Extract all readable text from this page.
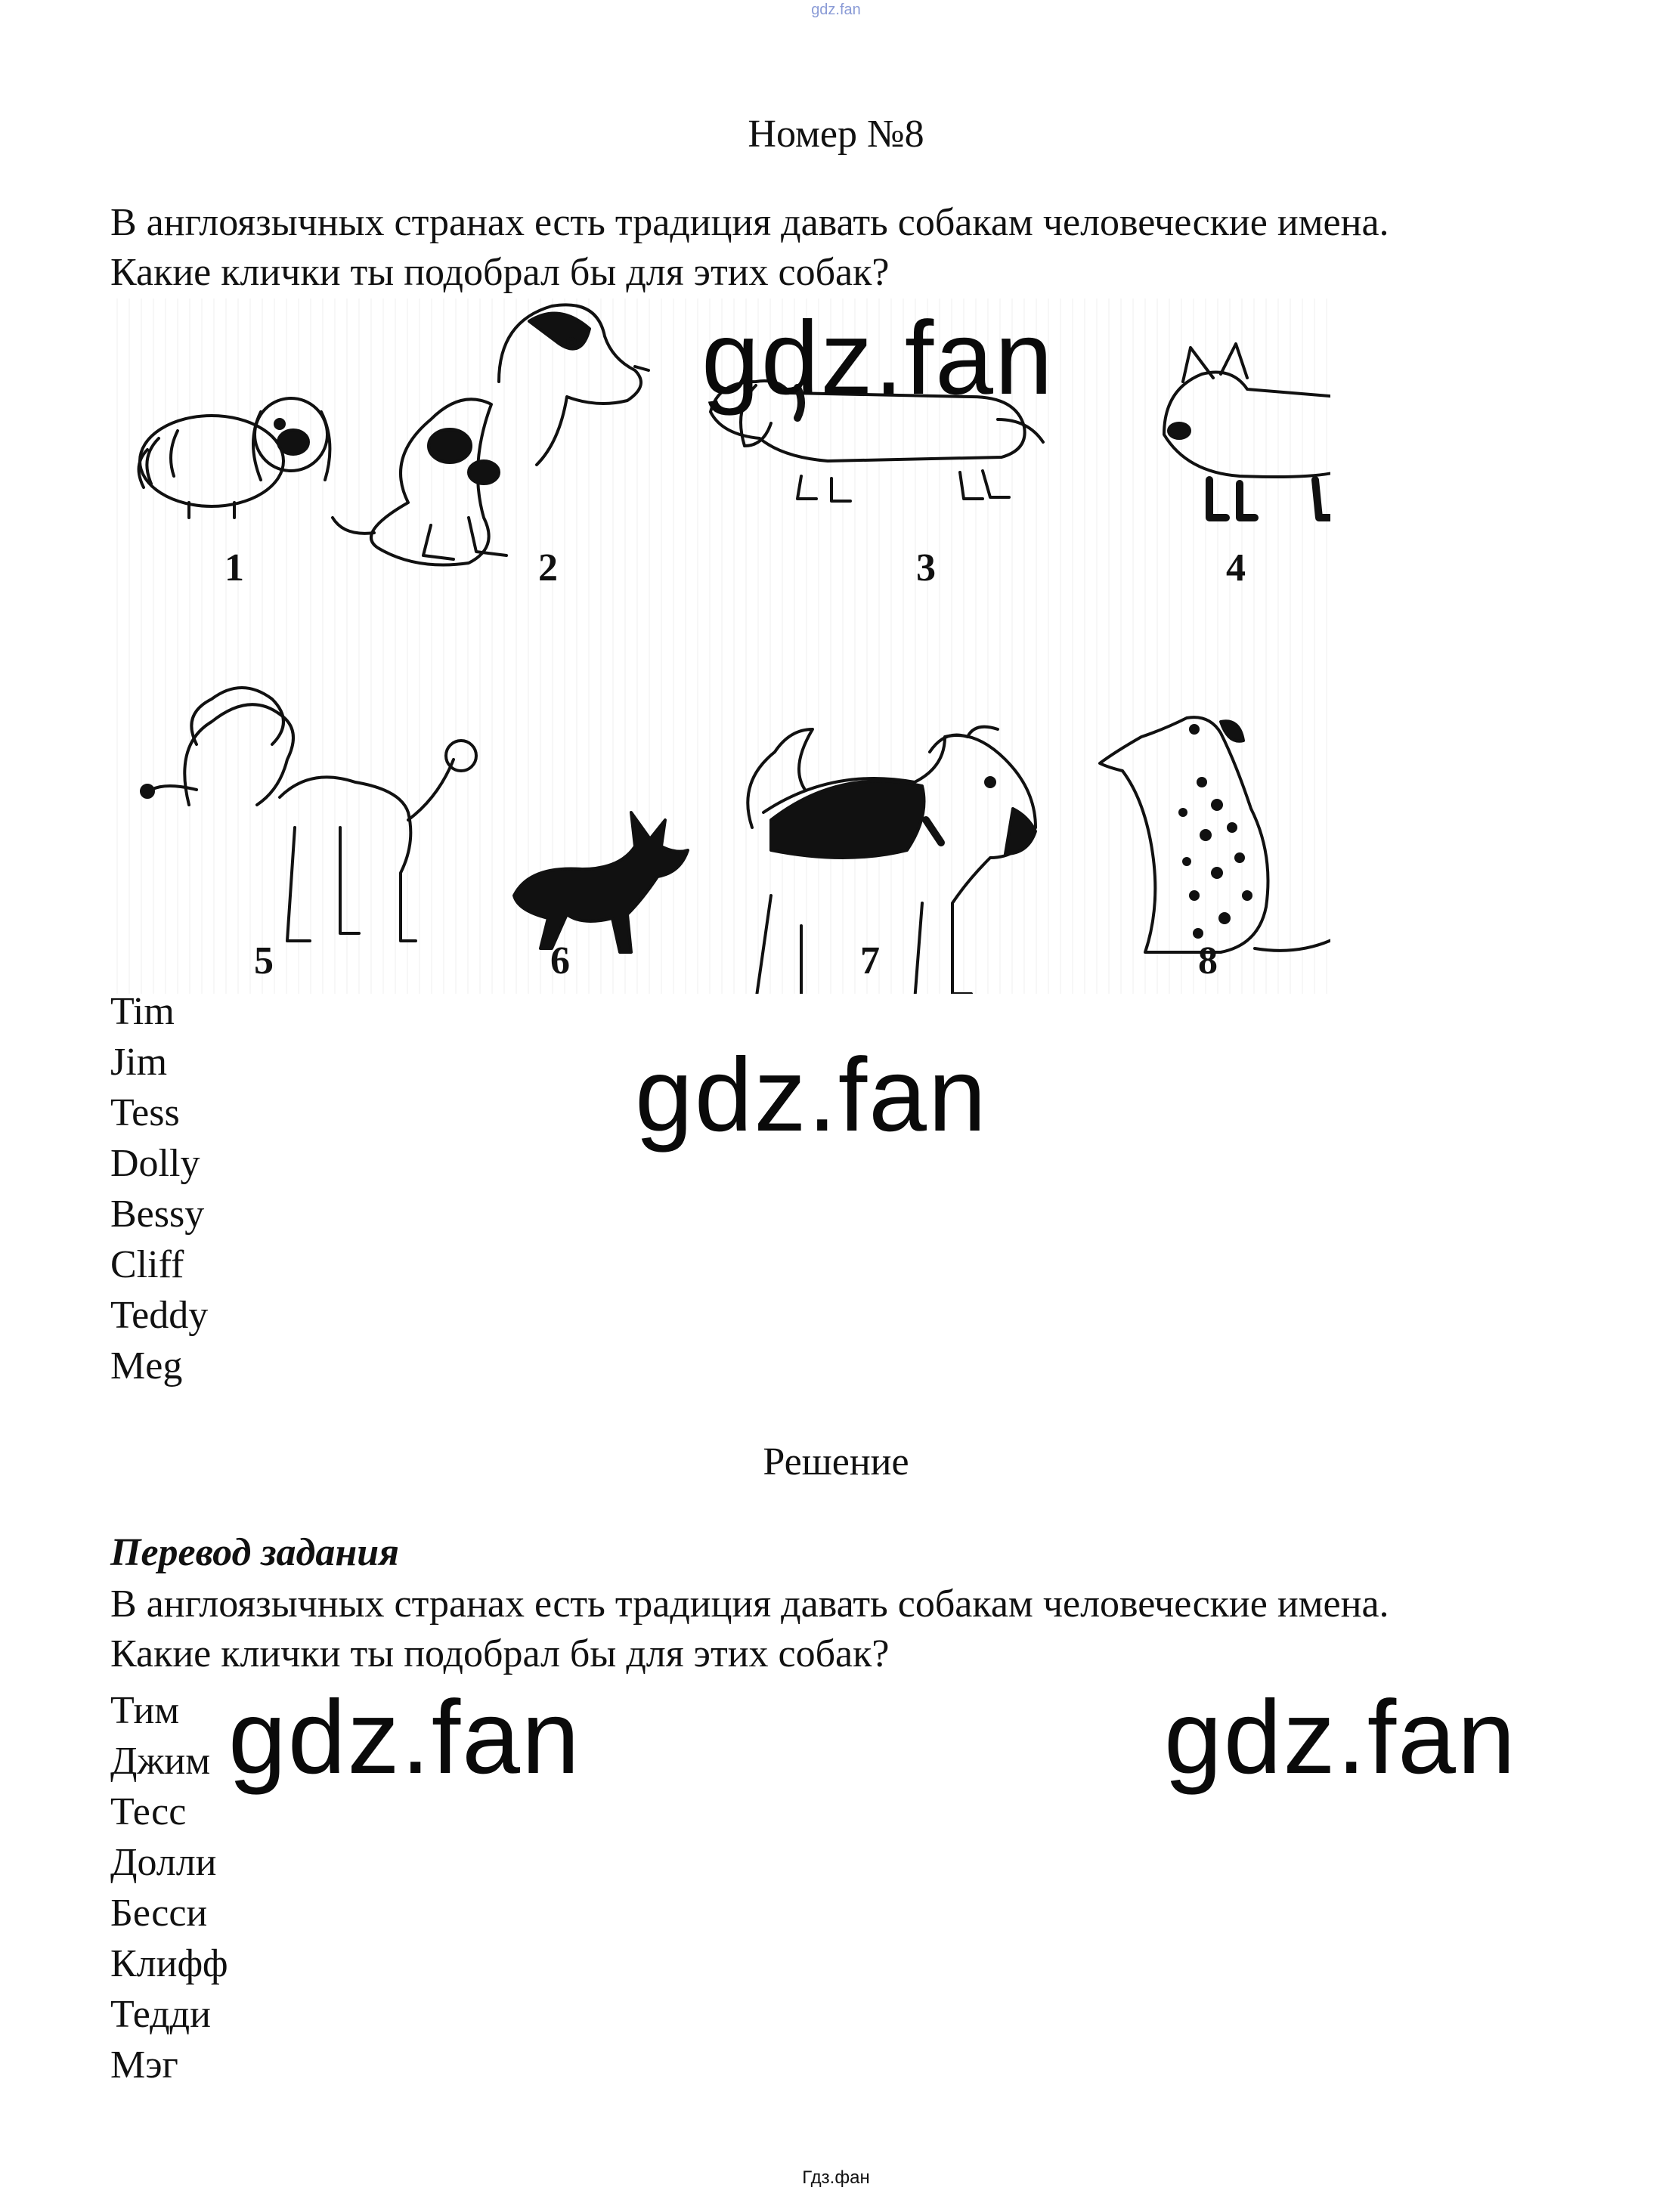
gdz.fan
Номер №8
В англоязычных странах есть традиция давать собакам человеческие имена.
Какие клички ты подобрал бы для этих собак?
1	2	3	4
5	6	7	8
Tim
Jim
Tess
Dolly
Bessy
Cliff
Teddy
Meg
Решение
Перевод задания
В англоязычных странах есть традиция давать собакам человеческие имена.
Какие клички ты подобрал бы для этих собак?
Тим
Джим
Тесс
Долли
Бесси
Клифф
Тедди
Мэг
gdz.fan
gdz.fan
gdz.fan	gdz.fan
Гдз.фан
